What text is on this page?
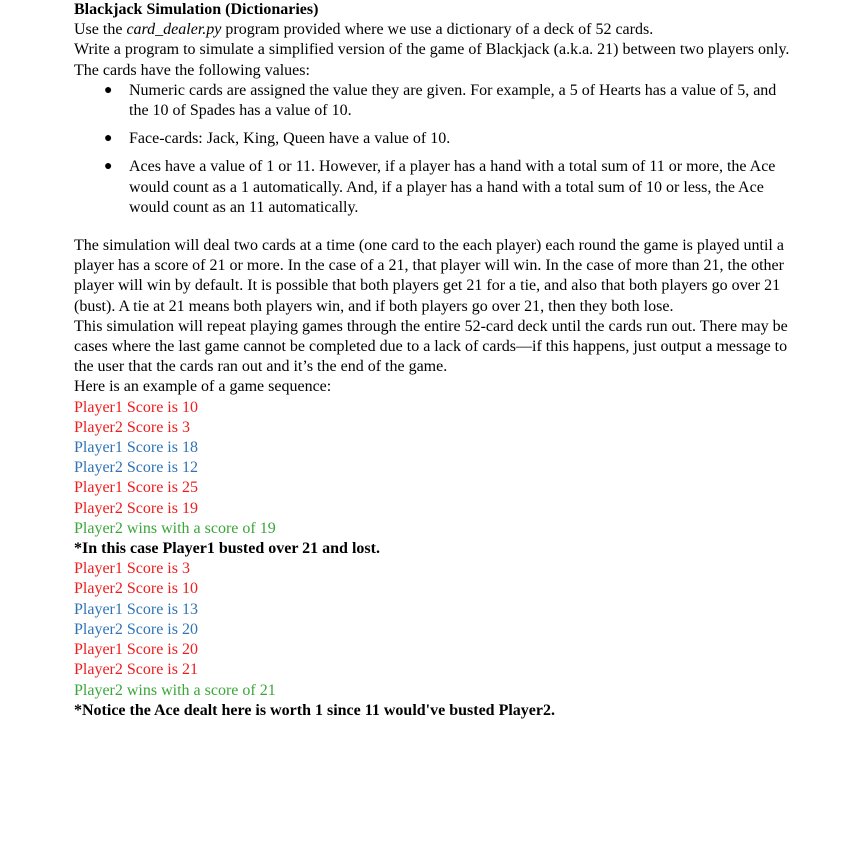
Blackjack Simulation (Dictionaries)

Use the card_dealer.py program provided where we use a dictionary of a deck of 52 cards.

Write a program to simulate a simplified version of the game of Blackjack (a.k.a. 21) between two players only. The cards have the following values:

● Numeric cards are assigned the value they are given. For example, a 5 of Hearts has a value of 5, and the 10 of Spades has a value of 10.
● Face-cards: Jack, King, Queen have a value of 10.
● Aces have a value of 1 or 11. However, if a player has a hand with a total sum of 11 or more, the Ace would count as a 1 automatically. And, if a player has a hand with a total sum of 10 or less, the Ace would count as an 11 automatically.

The simulation will deal two cards at a time (one card to the each player) each round the game is played until a player has a score of 21 or more. In the case of a 21, that player will win. In the case of more than 21, the other player will win by default. It is possible that both players get 21 for a tie, and also that both players go over 21 (bust). A tie at 21 means both players win, and if both players go over 21, then they both lose.

This simulation will repeat playing games through the entire 52-card deck until the cards run out. There may be cases where the last game cannot be completed due to a lack of cards—if this happens, just output a message to the user that the cards ran out and it’s the end of the game.

Here is an example of a game sequence:

Player1 Score is 10
Player2 Score is 3
Player1 Score is 18
Player2 Score is 12
Player1 Score is 25
Player2 Score is 19
Player2 wins with a score of 19
*In this case Player1 busted over 21 and lost.
Player1 Score is 3
Player2 Score is 10
Player1 Score is 13
Player2 Score is 20
Player1 Score is 20
Player2 Score is 21
Player2 wins with a score of 21
*Notice the Ace dealt here is worth 1 since 11 would've busted Player2.
